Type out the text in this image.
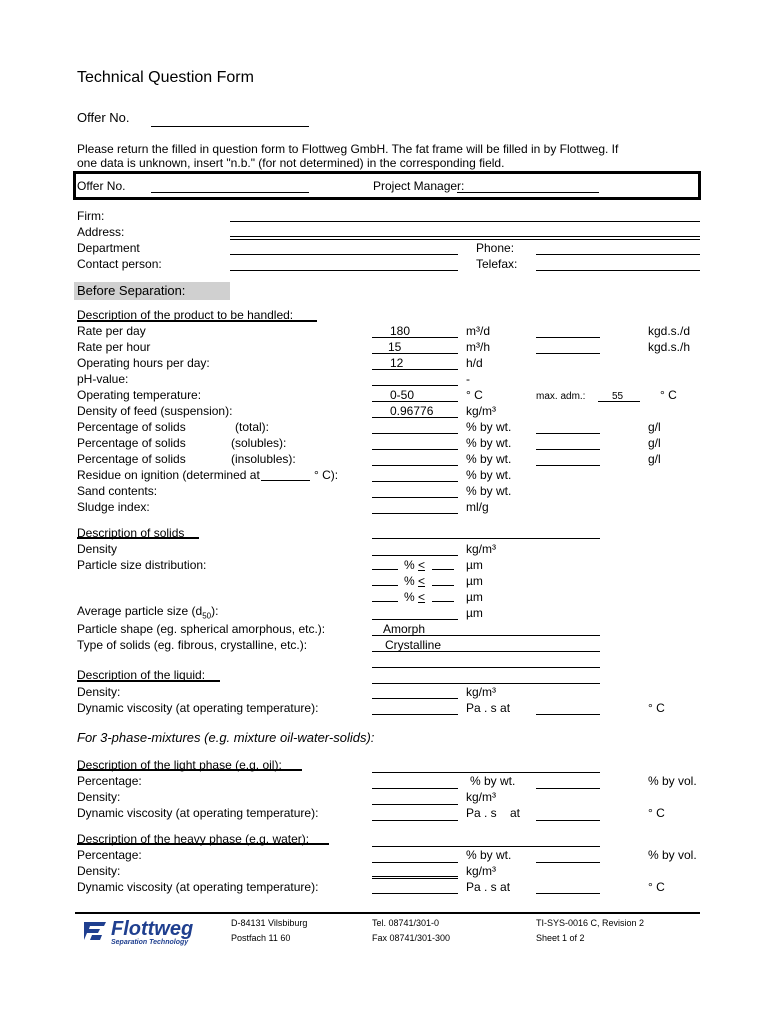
Technical Question Form
Offer No.
Please return the filled in question form to Flottweg GmbH. The fat frame will be filled in by Flottweg. If
one data is unknown, insert "n.b." (for not determined) in the corresponding field.
Offer No.	Project Manager:
Firm:
Address:
Department	Phone:
Contact person:	Telefax:
Before Separation:
Description of the product to be handled:
Rate per day	180	m³/d	kgd.s./d
Rate per hour	15	m³/h	kgd.s./h
Operating hours per day:	12	h/d
pH-value:	-
Operating temperature:	0-50	° C	max. adm.:	55	° C
Density of feed (suspension):	0.96776	kg/m³
Percentage of solids	(total):	% by wt.	g/l
Percentage of solids	(solubles):	% by wt.	g/l
Percentage of solids	(insolubles):	% by wt.	g/l
Residue on ignition (determined at	° C):	% by wt.
Sand contents:	% by wt.
Sludge index:	ml/g
Description of solids
Density	kg/m³
Particle size distribution:	% <	µm
% <	µm
% <	µm
Average particle size $(d_{50})$:	µm
Particle shape (eg. spherical amorphous, etc.):	Amorph
Type of solids (eg. fibrous, crystalline, etc.):	Crystalline
Description of the liquid:
Density:	kg/m³
Dynamic viscosity (at operating temperature):	Pa . s at	° C
For 3-phase-mixtures (e.g. mixture oil-water-solids):
Description of the light phase (e.g. oil):
Percentage:	% by wt.	% by vol.
Density:	kg/m³
Dynamic viscosity (at operating temperature):	Pa . s at	° C
Description of the heavy phase (e.g. water):
Percentage:	% by wt.	% by vol.
Density:	kg/m³
Dynamic viscosity (at operating temperature):	Pa . s at	° C
Flottweg
Separation Technology
D-84131 Vilsbiburg
Postfach 11 60
Tel. 08741/301-0
Fax 08741/301-300
TI-SYS-0016 C, Revision 2
Sheet 1 of 2
